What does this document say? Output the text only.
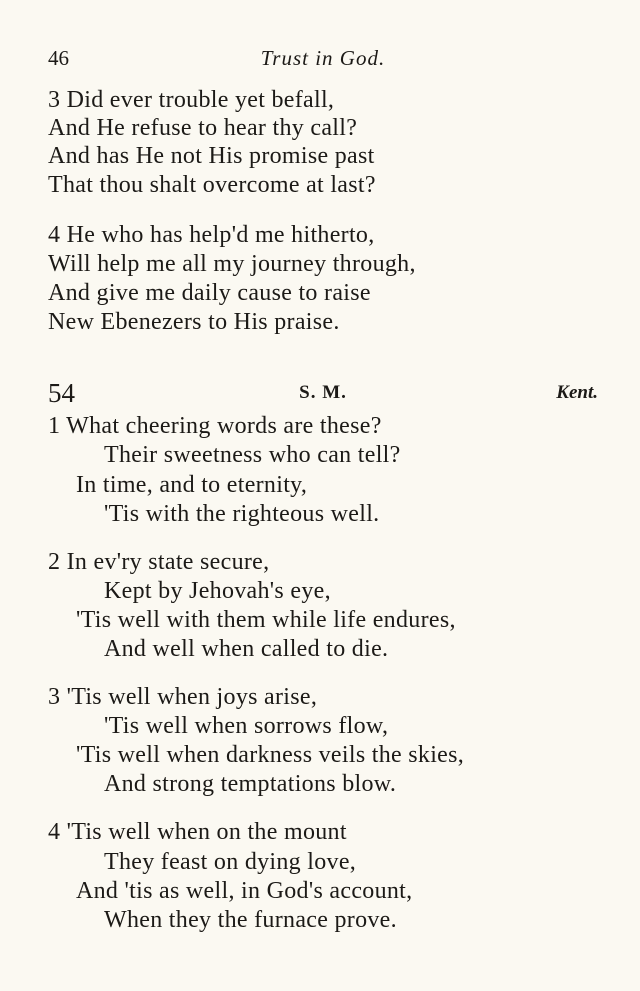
46	Trust in God.
3 Did ever trouble yet befall,
And He refuse to hear thy call?
And has He not His promise past
That thou shalt overcome at last?
4 He who has help'd me hitherto,
Will help me all my journey through,
And give me daily cause to raise
New Ebenezers to His praise.
54	S. M.	Kent.
1 What cheering words are these?
Their sweetness who can tell?
In time, and to eternity,
'Tis with the righteous well.
2 In ev'ry state secure,
Kept by Jehovah's eye,
'Tis well with them while life endures,
And well when called to die.
3 'Tis well when joys arise,
'Tis well when sorrows flow,
'Tis well when darkness veils the skies,
And strong temptations blow.
4 'Tis well when on the mount
They feast on dying love,
And 'tis as well, in God's account,
When they the furnace prove.
